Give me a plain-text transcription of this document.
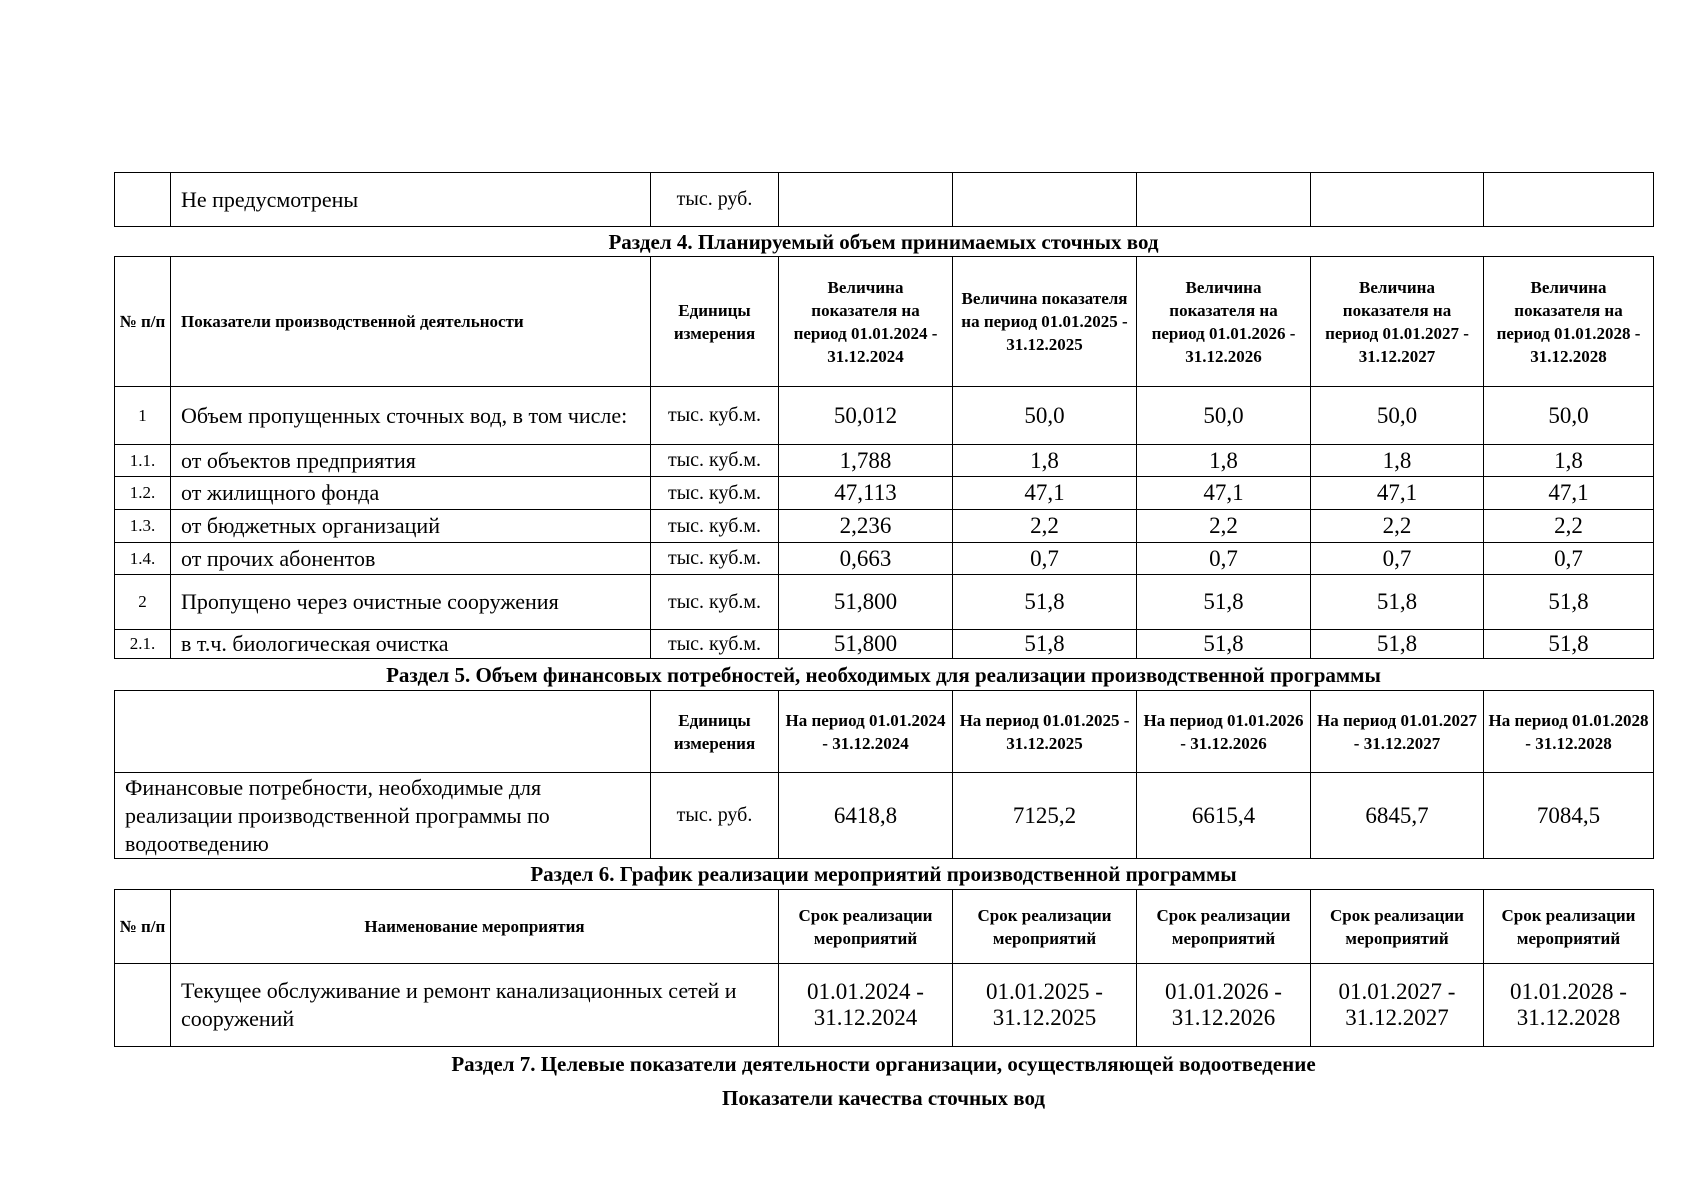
	Не предусмотрены	тыс. руб.					
Раздел 4. Планируемый объем принимаемых сточных вод
№ п/п	Показатели производственной деятельности	Единицы измерения	Величина показателя на период 01.01.2024 - 31.12.2024	Величина показателя на период 01.01.2025 - 31.12.2025	Величина показателя на период 01.01.2026 - 31.12.2026	Величина показателя на период 01.01.2027 - 31.12.2027	Величина показателя на период 01.01.2028 - 31.12.2028
1	Объем пропущенных сточных вод, в том числе:	тыс. куб.м.	50,012	50,0	50,0	50,0	50,0
1.1.	от объектов предприятия	тыс. куб.м.	1,788	1,8	1,8	1,8	1,8
1.2.	от жилищного фонда	тыс. куб.м.	47,113	47,1	47,1	47,1	47,1
1.3.	от бюджетных организаций	тыс. куб.м.	2,236	2,2	2,2	2,2	2,2
1.4.	от прочих абонентов	тыс. куб.м.	0,663	0,7	0,7	0,7	0,7
2	Пропущено через очистные сооружения	тыс. куб.м.	51,800	51,8	51,8	51,8	51,8
2.1.	в т.ч. биологическая очистка	тыс. куб.м.	51,800	51,8	51,8	51,8	51,8
Раздел 5. Объем финансовых потребностей, необходимых для реализации производственной программы
	Единицы измерения	На период 01.01.2024 - 31.12.2024	На период 01.01.2025 - 31.12.2025	На период 01.01.2026 - 31.12.2026	На период 01.01.2027 - 31.12.2027	На период 01.01.2028 - 31.12.2028
Финансовые потребности, необходимые для реализации производственной программы по водоотведению	тыс. руб.	6418,8	7125,2	6615,4	6845,7	7084,5
Раздел 6. График реализации мероприятий производственной программы
№ п/п	Наименование мероприятия	Срок реализации мероприятий	Срок реализации мероприятий	Срок реализации мероприятий	Срок реализации мероприятий	Срок реализации мероприятий
	Текущее обслуживание и ремонт канализационных сетей и сооружений	01.01.2024 - 31.12.2024	01.01.2025 - 31.12.2025	01.01.2026 - 31.12.2026	01.01.2027 - 31.12.2027	01.01.2028 - 31.12.2028
Раздел 7. Целевые показатели деятельности организации, осуществляющей водоотведение
Показатели качества сточных вод
